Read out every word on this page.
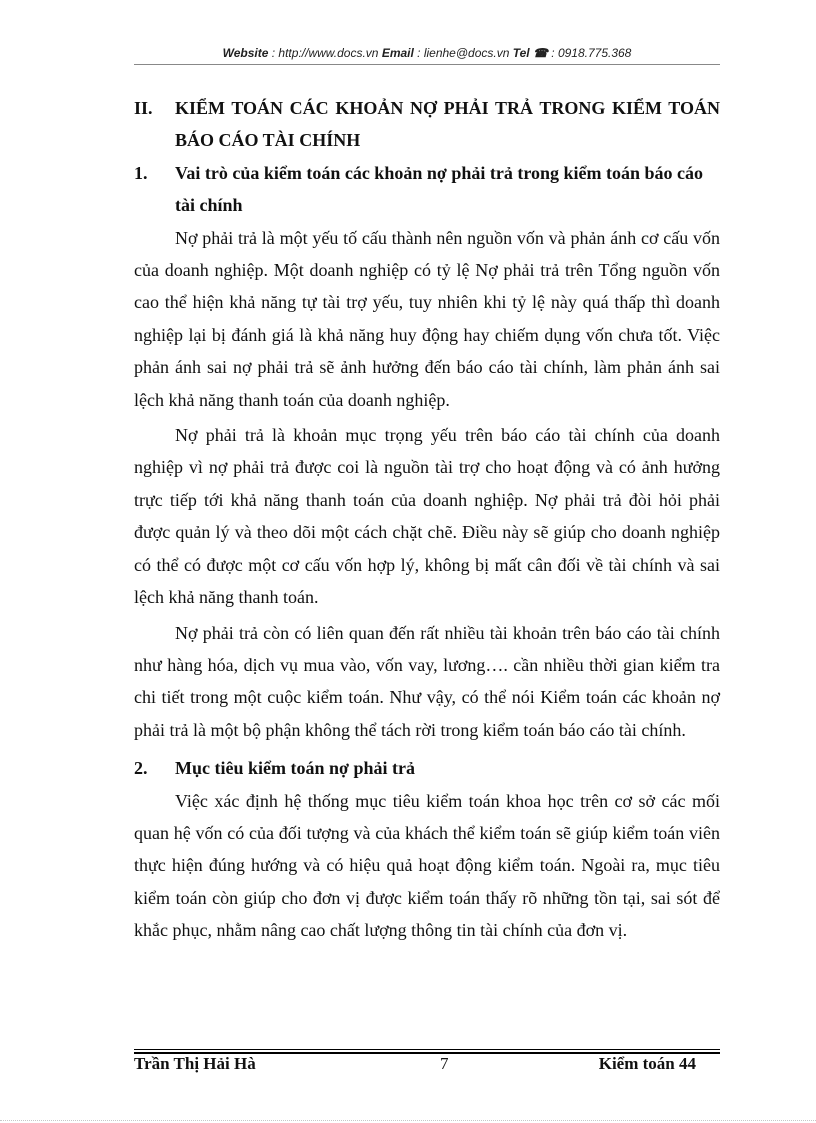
Website : http://www.docs.vn Email : lienhe@docs.vn Tel ☎ : 0918.775.368

II. KIỂM TOÁN CÁC KHOẢN NỢ PHẢI TRẢ TRONG KIỂM TOÁN BÁO CÁO TÀI CHÍNH

1. Vai trò của kiểm toán các khoản nợ phải trả trong kiểm toán báo cáo tài chính

Nợ phải trả là một yếu tố cấu thành nên nguồn vốn và phản ánh cơ cấu vốn của doanh nghiệp. Một doanh nghiệp có tỷ lệ Nợ phải trả trên Tổng nguồn vốn cao thể hiện khả năng tự tài trợ yếu, tuy nhiên khi tỷ lệ này quá thấp thì doanh nghiệp lại bị đánh giá là khả năng huy động hay chiếm dụng vốn chưa tốt. Việc phản ánh sai nợ phải trả sẽ ảnh hưởng đến báo cáo tài chính, làm phản ánh sai lệch khả năng thanh toán của doanh nghiệp.

Nợ phải trả là khoản mục trọng yếu trên báo cáo tài chính của doanh nghiệp vì nợ phải trả được coi là nguồn tài trợ cho hoạt động và có ảnh hưởng trực tiếp tới khả năng thanh toán của doanh nghiệp. Nợ phải trả đòi hỏi phải được quản lý và theo dõi một cách chặt chẽ. Điều này sẽ giúp cho doanh nghiệp có thể có được một cơ cấu vốn hợp lý, không bị mất cân đối về tài chính và sai lệch khả năng thanh toán.

Nợ phải trả còn có liên quan đến rất nhiều tài khoản trên báo cáo tài chính như hàng hóa, dịch vụ mua vào, vốn vay, lương…. cần nhiều thời gian kiểm tra chi tiết trong một cuộc kiểm toán. Như vậy, có thể nói Kiểm toán các khoản nợ phải trả là một bộ phận không thể tách rời trong kiểm toán báo cáo tài chính.

2. Mục tiêu kiểm toán nợ phải trả

Việc xác định hệ thống mục tiêu kiểm toán khoa học trên cơ sở các mối quan hệ vốn có của đối tượng và của khách thể kiểm toán sẽ giúp kiểm toán viên thực hiện đúng hướng và có hiệu quả hoạt động kiểm toán. Ngoài ra, mục tiêu kiểm toán còn giúp cho đơn vị được kiểm toán thấy rõ những tồn tại, sai sót để khắc phục, nhằm nâng cao chất lượng thông tin tài chính của đơn vị.

Trần Thị Hải Hà	7	Kiểm toán 44
